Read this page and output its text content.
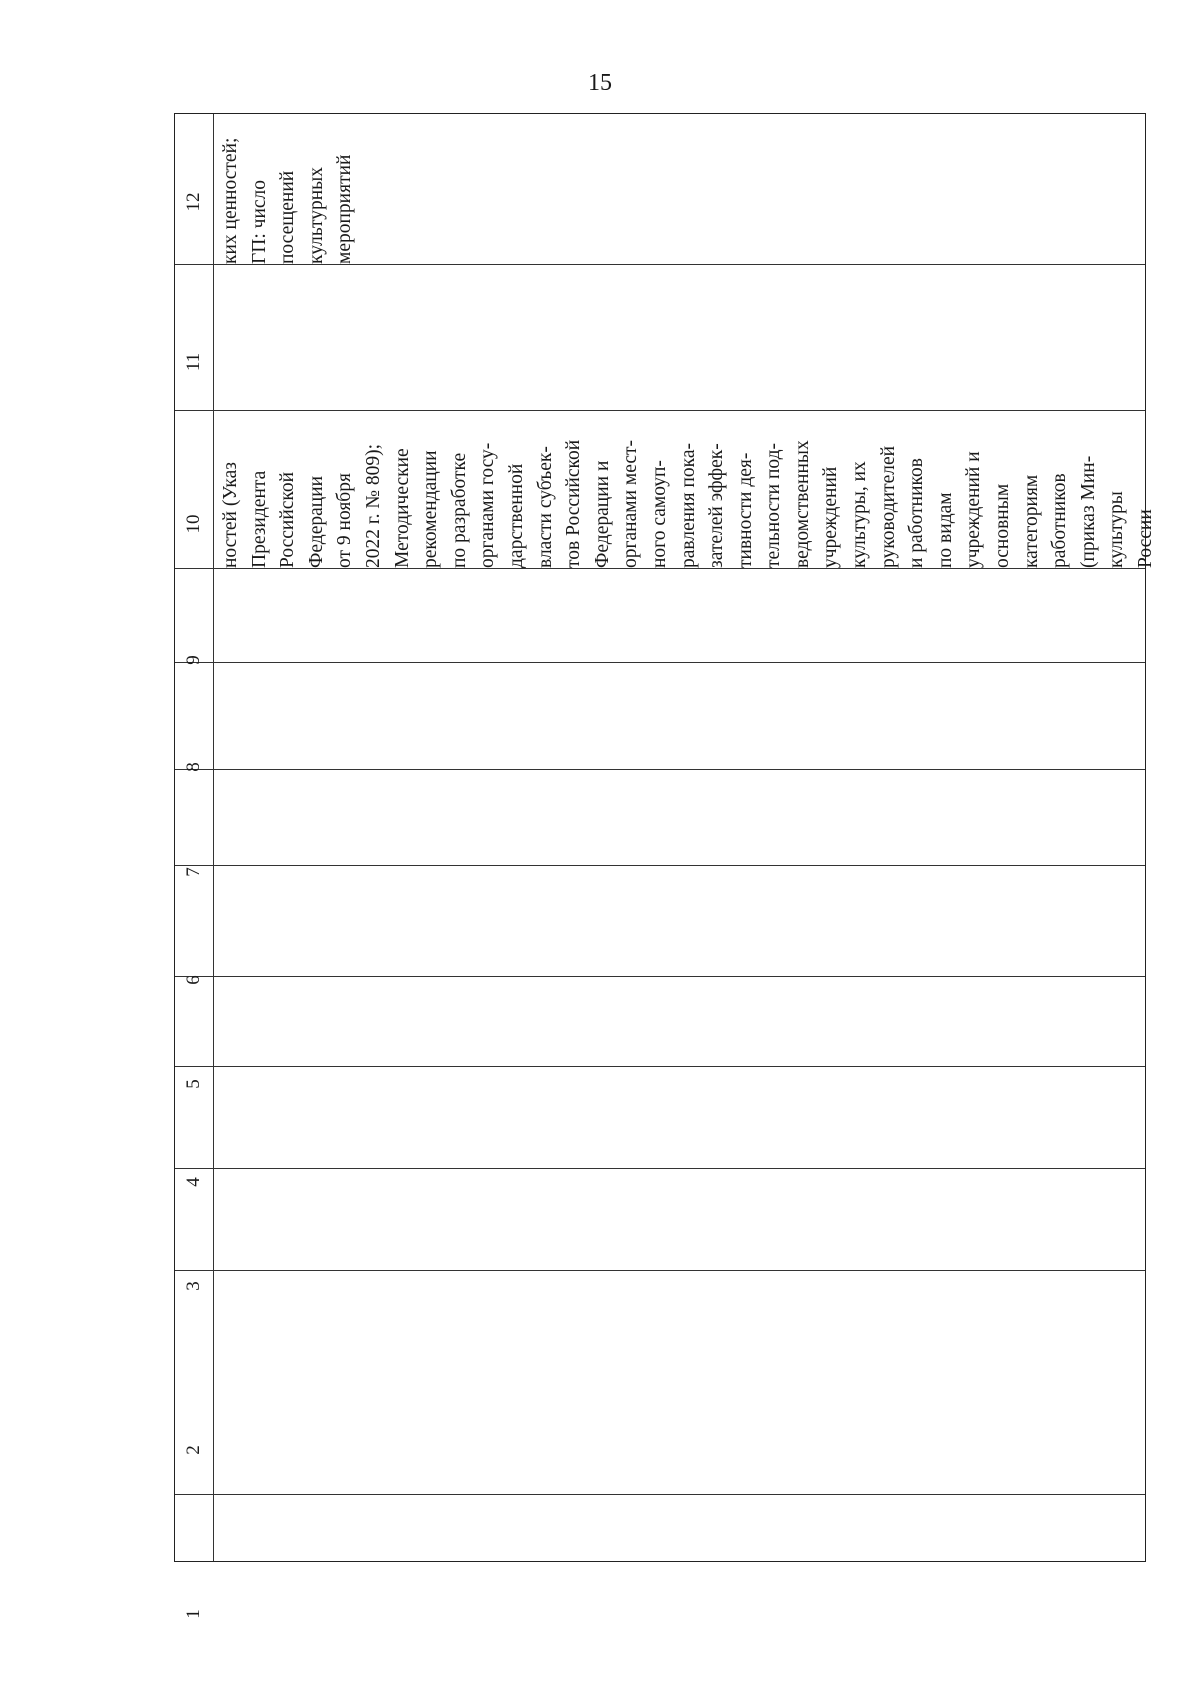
15
12
11
10
9
8
7
6
5
4
3
2
1
ких ценностей; ГП: число посещений культурных мероприятий
ностей (Указ Президента Российской Федерации от 9 ноября 2022 г. № 809); Методические рекомендации по разработке органами госу- дарственной власти субъек- тов Российской Федерации и органами мест- ного самоуп- равления пока- зателей эффек- тивности дея- тельности под- ведомственных учреждений культуры, их руководителей и работников по видам учреждений и основным категориям работников (приказ Мин- культуры России
